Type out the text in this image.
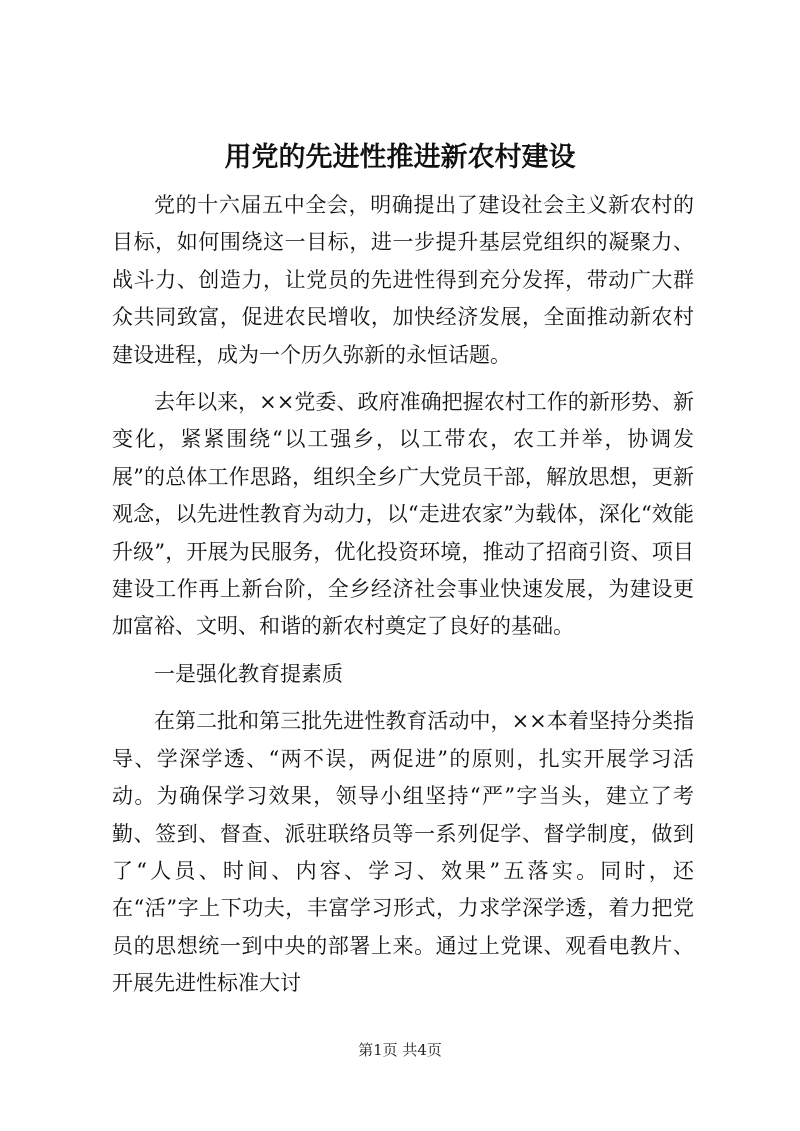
用党的先进性推进新农村建设

党的十六届五中全会，明确提出了建设社会主义新农村的目标，如何围绕这一目标，进一步提升基层党组织的凝聚力、战斗力、创造力，让党员的先进性得到充分发挥，带动广大群众共同致富，促进农民增收，加快经济发展，全面推动新农村建设进程，成为一个历久弥新的永恒话题。

去年以来，××党委、政府准确把握农村工作的新形势、新变化，紧紧围绕“以工强乡，以工带农，农工并举，协调发展”的总体工作思路，组织全乡广大党员干部，解放思想，更新观念，以先进性教育为动力，以“走进农家”为载体，深化“效能升级”，开展为民服务，优化投资环境，推动了招商引资、项目建设工作再上新台阶，全乡经济社会事业快速发展，为建设更加富裕、文明、和谐的新农村奠定了良好的基础。

一是强化教育提素质

在第二批和第三批先进性教育活动中，××本着坚持分类指导、学深学透、“两不误，两促进”的原则，扎实开展学习活动。为确保学习效果，领导小组坚持“严”字当头，建立了考勤、签到、督查、派驻联络员等一系列促学、督学制度，做到了“人员、时间、内容、学习、效果”五落实。同时，还在“活”字上下功夫，丰富学习形式，力求学深学透，着力把党员的思想统一到中央的部署上来。通过上党课、观看电教片、开展先进性标准大讨

第1页 共4页
